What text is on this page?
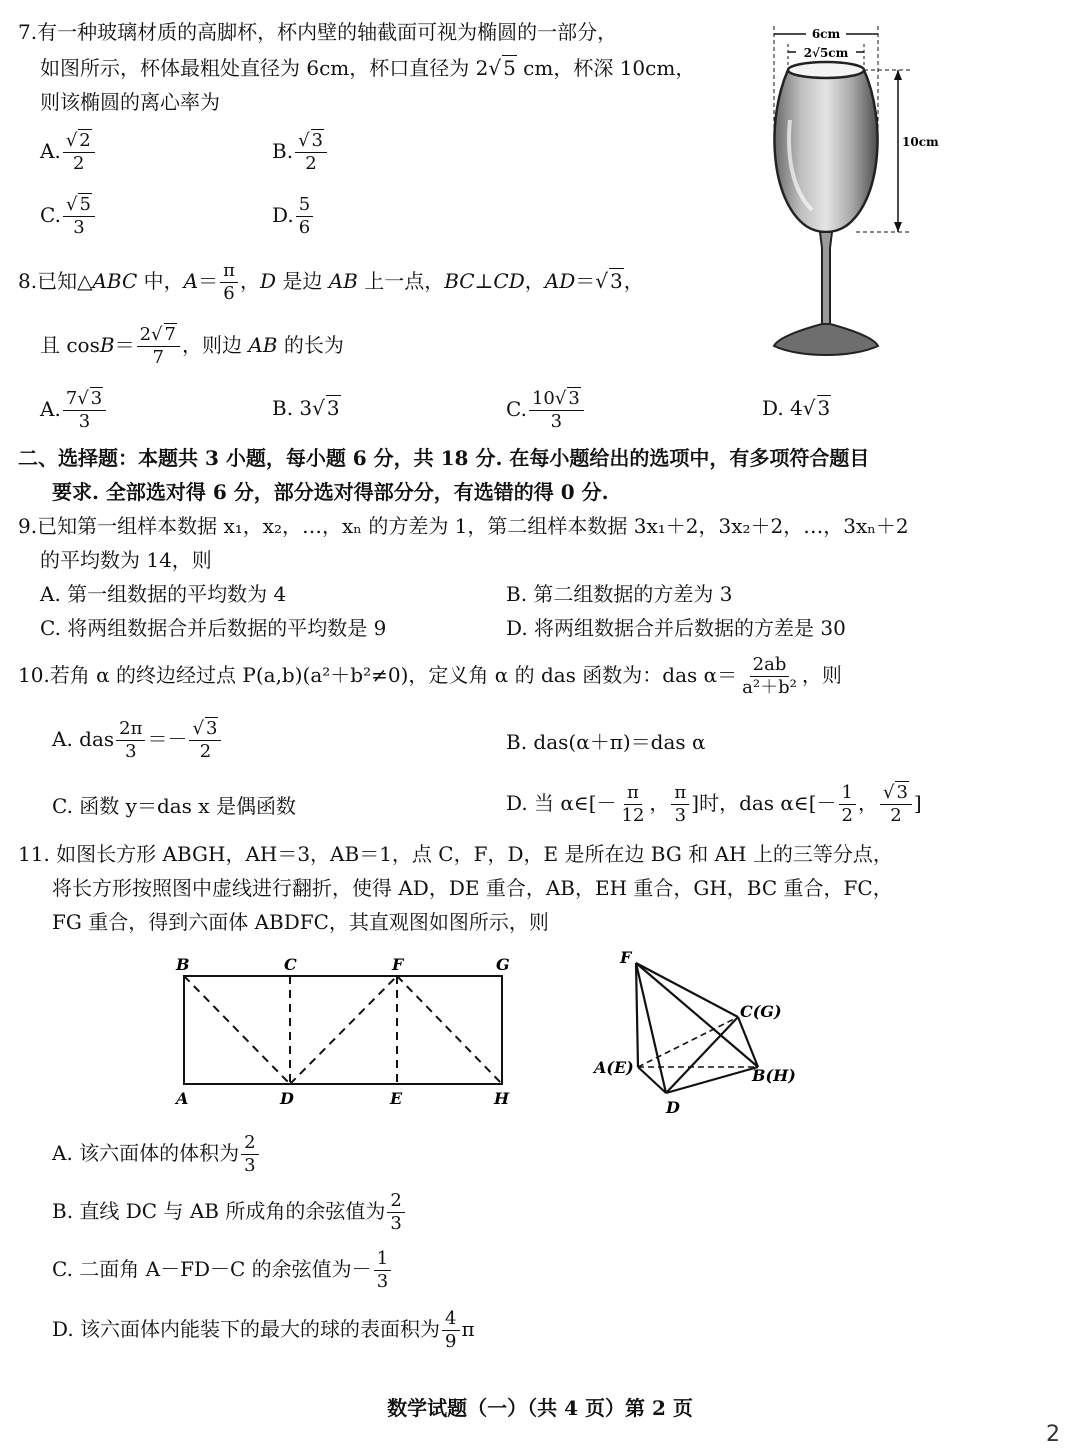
7.有一种玻璃材质的高脚杯，杯内壁的轴截面可视为椭圆的一部分，
如图所示，杯体最粗处直径为 6cm，杯口直径为 2√ 5 cm，杯深 10cm，
则该椭圆的离心率为
A. $\frac{√ 2}{2}$	B. $\frac{√ 3}{2}$
C. $\frac{√ 5}{3}$	D. $\frac{5}{6}$
6cm
2√5cm
10cm
8.已知△ABC 中，$A= \frac{\pi}{6}$ ，D 是边 AB 上一点，BC⊥CD，AD＝√ 3，
且 $\cos B= \frac{2√ 7}{7}$ ，则边 AB 的长为
A. $\frac{7√ 3}{3}$	B. 3√ 3	C. $\frac{10√ 3}{3}$	D. 4√ 3
二、选择题：本题共 3 小题，每小题 6 分，共 18 分. 在每小题给出的选项中，有多项符合题目
要求. 全部选对得 6 分，部分选对得部分分，有选错的得 0 分.
9.已知第一组样本数据 x₁，x₂，…，xₙ 的方差为 1，第二组样本数据 3x₁＋2，3x₂＋2，…，3xₙ＋2
的平均数为 14，则
A. 第一组数据的平均数为 4	B. 第二组数据的方差为 3
C. 将两组数据合并后数据的平均数是 9	D. 将两组数据合并后数据的方差是 30
10.若角 α 的终边经过点 P(a,b)(a²＋b²≠0)，定义角 α 的 das 函数为：das $\alpha= \frac{2ab}{\text{a²＋b²}}$ ，则
A. das $\frac{2\pi}{3} =- \frac{√ 3}{2}$	B. das(α＋π)＝das α
C. 函数 y＝das x 是偶函数	D. 当 α∈[－ $\frac{\pi}{12}$ ， $\frac{\pi}{3}$ ]时，das α∈[－ $\frac{1}{2}$ ， $\frac{√ 3}{2}$ ]
11. 如图长方形 ABGH，AH＝3，AB＝1，点 C，F，D，E 是所在边 BG 和 AH 上的三等分点，
将长方形按照图中虚线进行翻折，使得 AD，DE 重合，AB，EH 重合，GH，BC 重合，FC，
FG 重合，得到六面体 ABDFC，其直观图如图所示，则
B	C	F	G
A	D	E	H
F
C(G)
A(E)	B(H)
D
A. 该六面体的体积为 $\frac{2}{3}$
B. 直线 DC 与 AB 所成角的余弦值为 $\frac{2}{3}$
C. 二面角 A－FD－C 的余弦值为－ $\frac{1}{3}$
D. 该六面体内能装下的最大的球的表面积为 $\frac{4}{9}$ π
数学试题（一）（共 4 页）第 2 页
2
